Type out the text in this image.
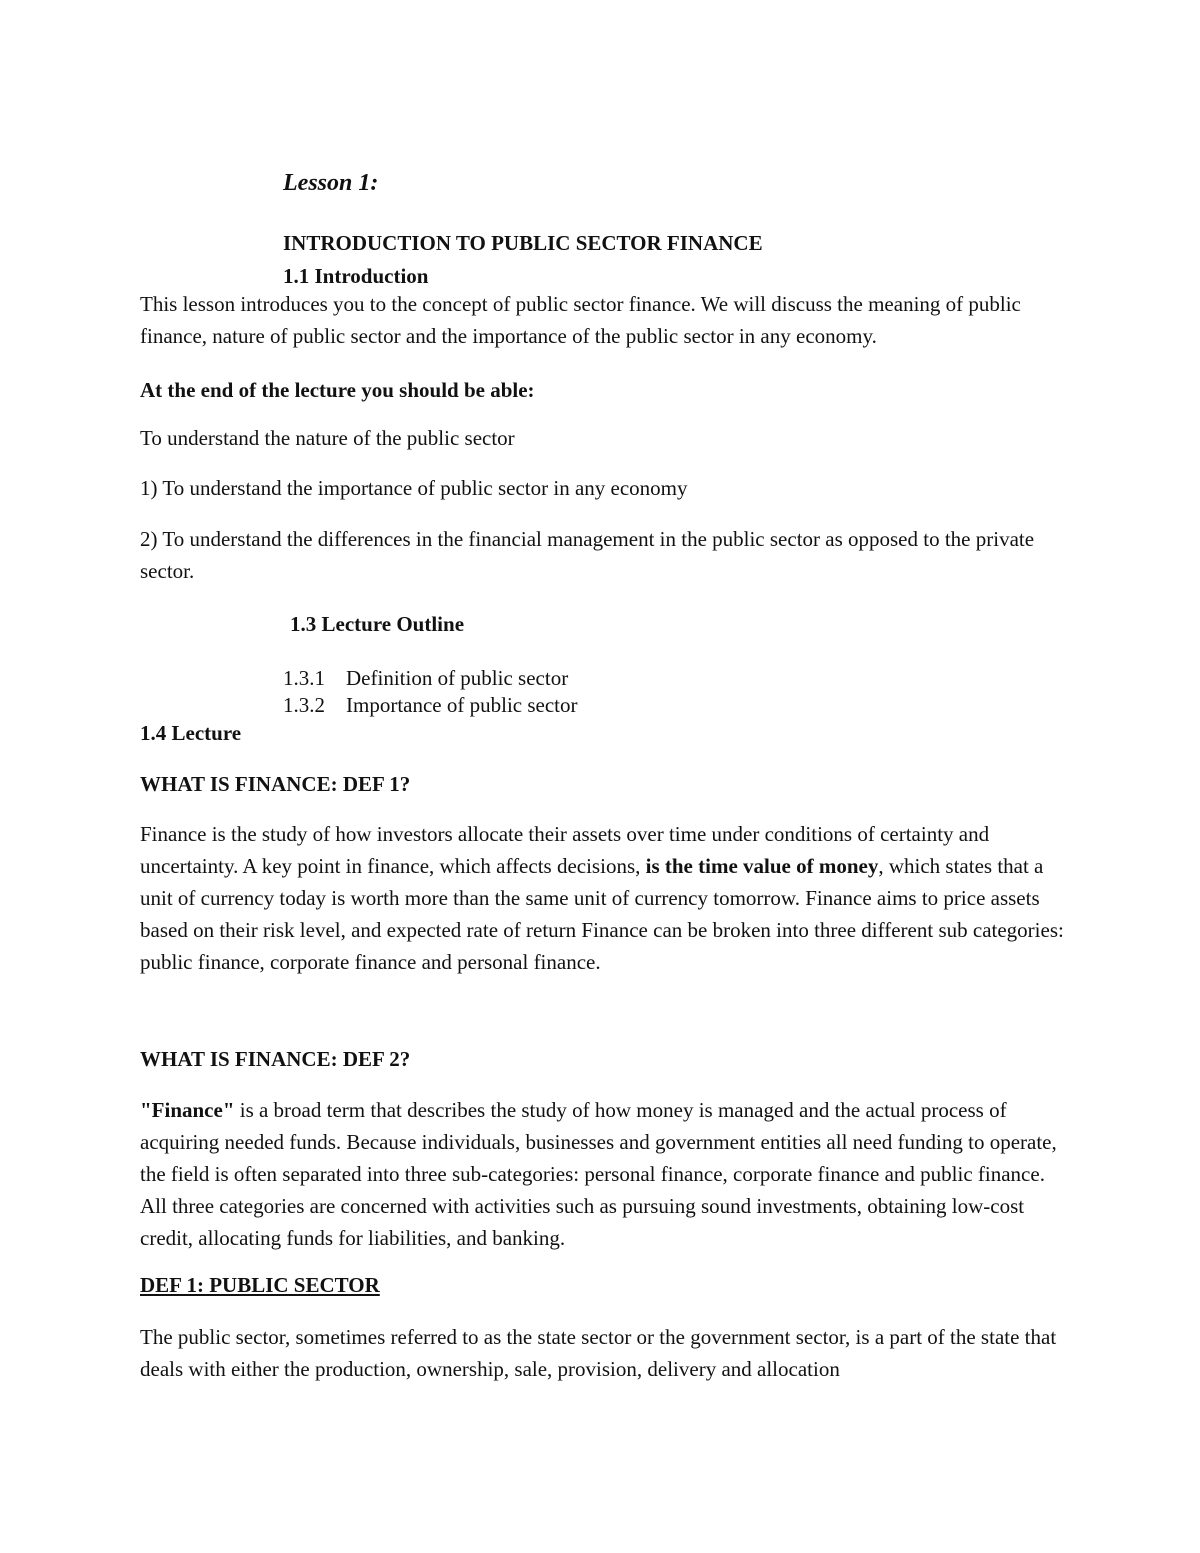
Lesson 1:
INTRODUCTION TO PUBLIC SECTOR FINANCE
1.1 Introduction
This lesson introduces you to the concept of public sector finance. We will discuss the meaning of public finance, nature of public sector and the importance of the public sector in any economy.
At the end of the lecture you should be able:
To understand the nature of the public sector
1) To understand the importance of public sector in any economy
2) To understand the differences in the financial management in the public sector as opposed to the private sector.
1.3 Lecture Outline
1.3.1 Definition of public sector
1.3.2 Importance of public sector
1.4 Lecture
WHAT IS FINANCE: DEF 1?
Finance is the study of how investors allocate their assets over time under conditions of certainty and uncertainty. A key point in finance, which affects decisions, is the time value of money, which states that a unit of currency today is worth more than the same unit of currency tomorrow. Finance aims to price assets based on their risk level, and expected rate of return Finance can be broken into three different sub categories: public finance, corporate finance and personal finance.
WHAT IS FINANCE: DEF 2?
"Finance" is a broad term that describes the study of how money is managed and the actual process of acquiring needed funds. Because individuals, businesses and government entities all need funding to operate, the field is often separated into three sub-categories: personal finance, corporate finance and public finance. All three categories are concerned with activities such as pursuing sound investments, obtaining low-cost credit, allocating funds for liabilities, and banking.
DEF 1: PUBLIC SECTOR
The public sector, sometimes referred to as the state sector or the government sector, is a part of the state that deals with either the production, ownership, sale, provision, delivery and allocation
